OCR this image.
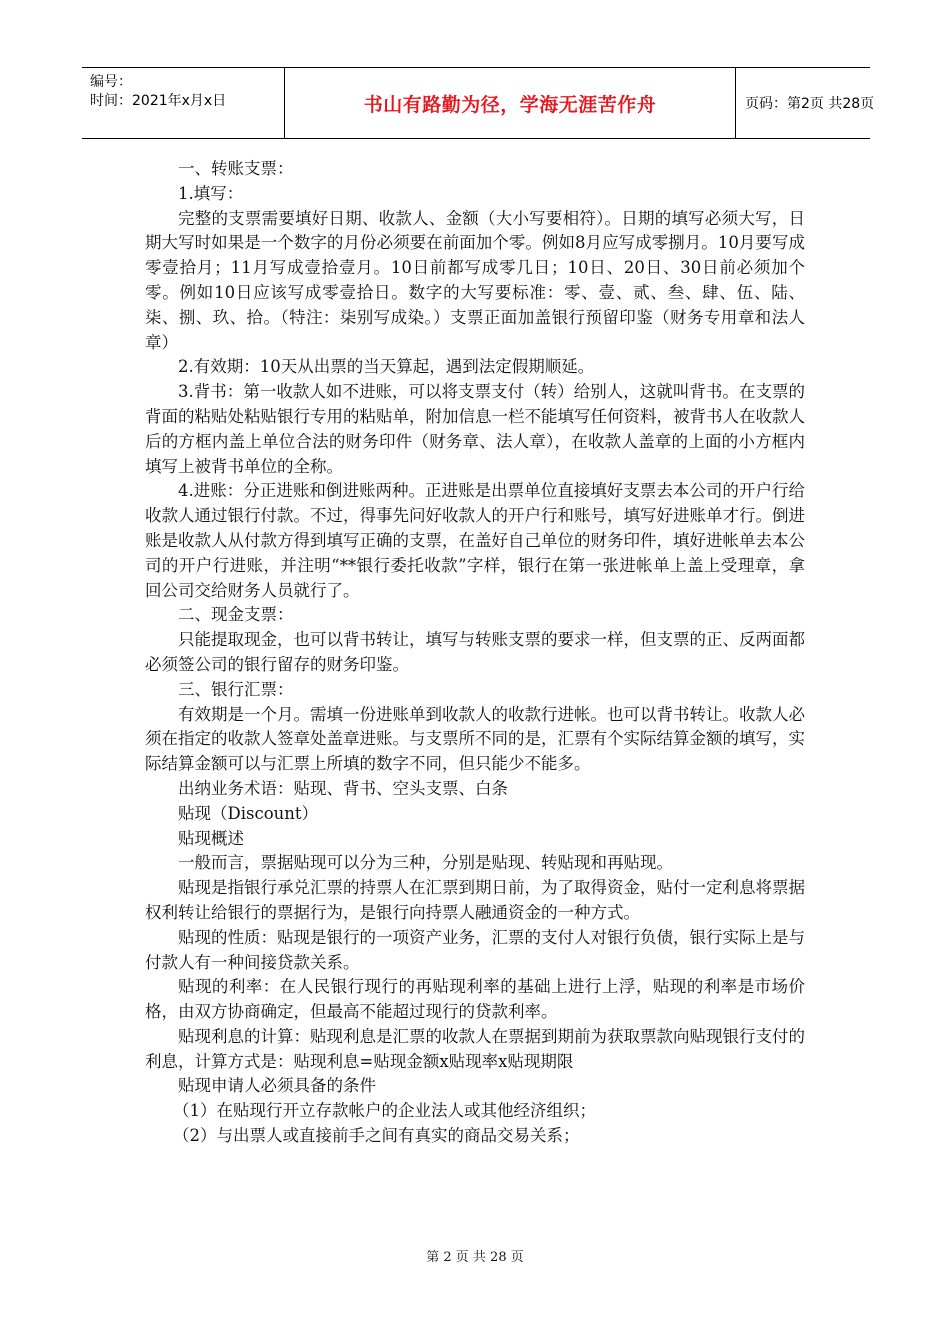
编号：
时间：2021年x月x日	书山有路勤为径，学海无涯苦作舟	页码：第2页 共28页

一、转账支票：

1.填写：

完整的支票需要填好日期、收款人、金额（大小写要相符）。日期的填写必须大写，日期大写时如果是一个数字的月份必须要在前面加个零。例如8月应写成零捌月。10月要写成零壹拾月；11月写成壹拾壹月。10日前都写成零几日；10日、20日、30日前必须加个零。例如10日应该写成零壹拾日。数字的大写要标准：零、壹、贰、叁、肆、伍、陆、柒、捌、玖、拾。（特注：柒别写成染。）支票正面加盖银行预留印鉴（财务专用章和法人章）

2.有效期：10天从出票的当天算起，遇到法定假期顺延。

3.背书：第一收款人如不进账，可以将支票支付（转）给别人，这就叫背书。在支票的背面的粘贴处粘贴银行专用的粘贴单，附加信息一栏不能填写任何资料，被背书人在收款人后的方框内盖上单位合法的财务印件（财务章、法人章），在收款人盖章的上面的小方框内填写上被背书单位的全称。

4.进账：分正进账和倒进账两种。正进账是出票单位直接填好支票去本公司的开户行给收款人通过银行付款。不过，得事先问好收款人的开户行和账号，填写好进账单才行。倒进账是收款人从付款方得到填写正确的支票，在盖好自己单位的财务印件，填好进帐单去本公司的开户行进账，并注明“**银行委托收款”字样，银行在第一张进帐单上盖上受理章，拿回公司交给财务人员就行了。

二、现金支票：

只能提取现金，也可以背书转让，填写与转账支票的要求一样，但支票的正、反两面都必须签公司的银行留存的财务印鉴。

三、银行汇票：

有效期是一个月。需填一份进账单到收款人的收款行进帐。也可以背书转让。收款人必须在指定的收款人签章处盖章进账。与支票所不同的是，汇票有个实际结算金额的填写，实际结算金额可以与汇票上所填的数字不同，但只能少不能多。

出纳业务术语：贴现、背书、空头支票、白条

贴现（Discount）

贴现概述

一般而言，票据贴现可以分为三种，分别是贴现、转贴现和再贴现。

贴现是指银行承兑汇票的持票人在汇票到期日前，为了取得资金，贴付一定利息将票据权利转让给银行的票据行为，是银行向持票人融通资金的一种方式。

贴现的性质：贴现是银行的一项资产业务，汇票的支付人对银行负债，银行实际上是与付款人有一种间接贷款关系。

贴现的利率：在人民银行现行的再贴现利率的基础上进行上浮，贴现的利率是市场价格，由双方协商确定，但最高不能超过现行的贷款利率。

贴现利息的计算：贴现利息是汇票的收款人在票据到期前为获取票款向贴现银行支付的利息，计算方式是：贴现利息=贴现金额x贴现率x贴现期限

贴现申请人必须具备的条件

（1）在贴现行开立存款帐户的企业法人或其他经济组织；

（2）与出票人或直接前手之间有真实的商品交易关系；

第 2 页 共 28 页
